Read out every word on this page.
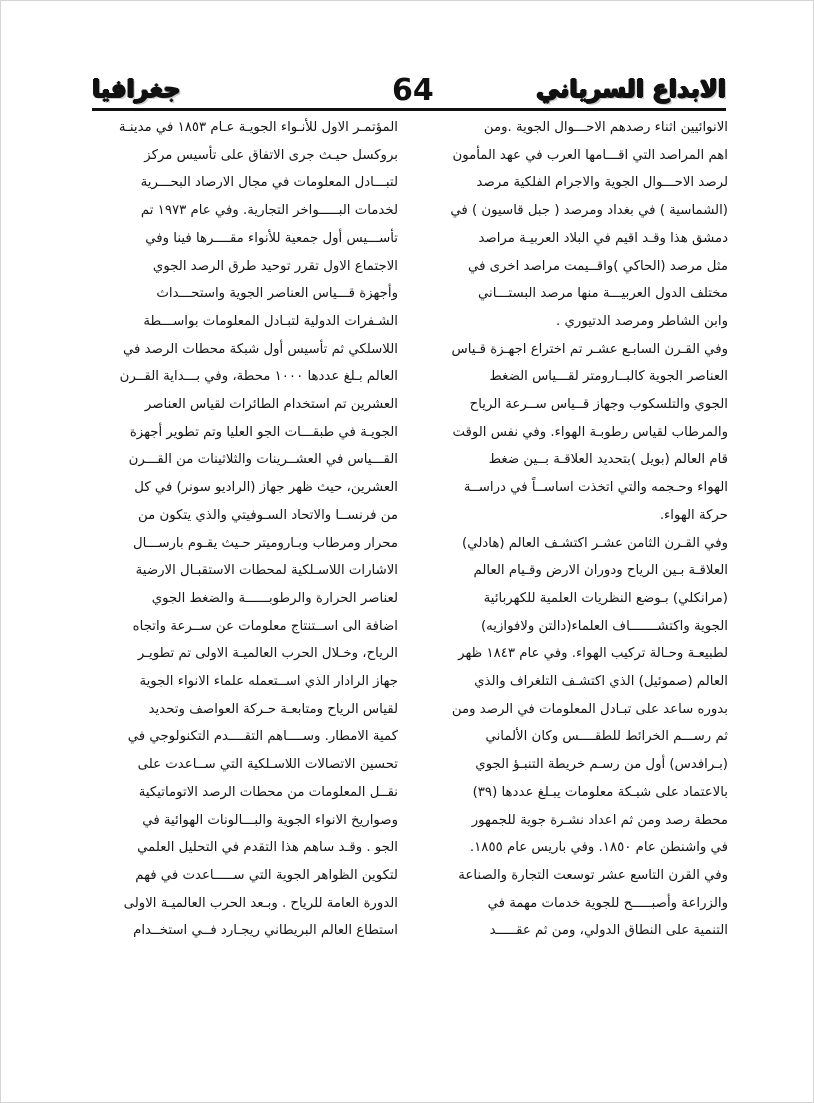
الابداع السرياني
64
جغرافيا
الانوائيين اثناء رصدهم الاحـــوال الجوية .ومن
اهم المراصد التي اقـــامها العرب في عهد المأمون
لرصد الاحـــوال الجوية والاجرام الفلكية مرصد
(الشماسية ) في بغداد ومرصد ( جبل قاسيون ) في
دمشق هذا وقـد اقيم في البلاد العربيـة مراصد
مثل مرصد (الحاكي )واقــيمت مراصد اخرى في
مختلف الدول العربيـــة منها مرصد البستـــاني
وابن الشاطر ومرصد الدتيوري .
وفي القـرن السابـع عشـر تم اختراع اجهـزة قـياس
العناصر الجوية كالبــارومتر لقـــياس الضغط
الجوي والتلسكوب وجهاز قــياس ســرعة الرياح
والمرطاب لقياس رطوبـة الهواء. وفي نفس الوقت
قام العالم (بويل )بتحديد العلاقـة بــين ضغط
الهواء وحـجمه والتي اتخذت اساســاً في دراســة
حركة الهواء.
وفي القـرن الثامن عشـر اكتشـف العالم (هادلي)
العلاقـة بـين الرياح ودوران الارض وقـيام العالم
(مرانكلي) بـوضع النظريات العلمية للكهربائية
الجوية واكتشـــــــاف العلماء(دالتن ولافوازيه)
لطبيعـة وحـالة تركيب الهواء. وفي عام ١٨٤٣ ظهر
العالم (صموئيل) الذي اكتشـف التلغراف والذي
بدوره ساعد على تبـادل المعلومات في الرصد ومن
ثم رســـم الخرائط للطقــــس وكان الألماني
(بـرافدس) أول من رسـم خريطة التنبـؤ الجوي
بالاعتماد على شبـكة معلومات يبـلغ عددها (٣٩)
محطة رصد ومن ثم اعداد نشـرة جوية للجمهور
في واشنطن عام ١٨٥٠. وفي باريس عام ١٨٥٥.
وفي القرن التاسع عشر توسعت التجارة والصناعة
والزراعة وأصبـــــح للجوية خدمات مهمة في
التنمية على النطاق الدولي، ومن ثم عقـــــد
المؤتمـر الاول للأنـواء الجويـة عـام ١٨٥٣ في مدينـة
بروكسل حيـث جرى الاتفاق على تأسيس مركز
لتبـــادل المعلومات في مجال الارصاد البحـــرية
لخدمات البـــــواخر التجارية. وفي عام ١٩٧٣ تم
تأســـيس أول جمعية للأنواء مقــــرها فينا وفي
الاجتماع الاول تقرر توحيد طرق الرصد الجوي
وأجهزة قـــياس العناصر الجوية واستحـــداث
الشـفرات الدولية لتبـادل المعلومات بواســـطة
اللاسلكي ثم تأسيس أول شبكة محطات الرصد في
العالم بـلغ عددها ١٠٠٠ محطة، وفي بـــداية القــرن
العشرين تم استخدام الطائرات لقياس العناصر
الجويـة في طبقـــات الجو العليا وتم تطوير أجهزة
القـــياس في العشــرينات والثلاثينات من القـــرن
العشرين، حيث ظهر جهاز (الراديو سونر) في كل
من فرنســا والاتحاد السـوفيتي والذي يتكون من
محرار ومرطاب وبـاروميتر حـيث يقـوم بارســـال
الاشارات اللاسـلكية لمحطات الاستقبـال الارضية
لعناصر الحرارة والرطوبــــــة والضغط الجوي
اضافة الى اســتنتاج معلومات عن ســرعة واتجاه
الرياح، وخـلال الحرب العالميـة الاولى تم تطويـر
جهاز الرادار الذي اســتعمله علماء الانواء الجوية
لقياس الرياح ومتابعـة حـركة العواصف وتحديد
كمية الامطار. وســــاهم التقــــدم التكنولوجي في
تحسين الاتصالات اللاسـلكية التي ســاعدت على
نقــل المعلومات من محطات الرصد الاتوماتيكية
وصواريخ الانواء الجوية والبـــالونات الهوائية في
الجو . وقـد ساهم هذا التقدم في التحليل العلمي
لتكوين الظواهر الجوية التي ســـــاعدت في فهم
الدورة العامة للرياح . وبـعد الحرب العالميـة الاولى
استطاع العالم البريطاني ريجـارد فــي استخــدام
